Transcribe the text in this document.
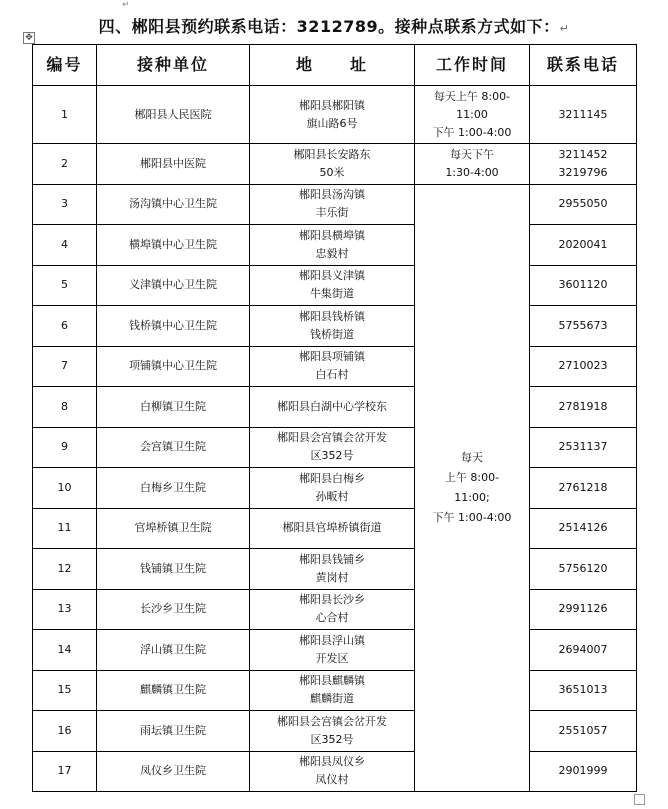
↵
四、郴阳县预约联系电话：3212789。接种点联系方式如下：↵
✥
编号	接种单位	地　　址	工作时间	联系电话
1	郴阳县人民医院	郴阳县郴阳镇
旗山路6号	每天上午 8:00-
11:00
下午 1:00-4:00	3211145

2	郴阳县中医院	郴阳县长安路东
50米	每天下午
1:30-4:00	3211452
3219796

3	汤沟镇中心卫生院	郴阳县汤沟镇
丰乐街	每天
上午 8:00-
11:00;
下午 1:00-4:00	2955050

4	横埠镇中心卫生院	郴阳县横埠镇
忠毅村		2020041

5	义津镇中心卫生院	郴阳县义津镇
牛集街道		3601120

6	钱桥镇中心卫生院	郴阳县钱桥镇
钱桥街道		5755673

7	项铺镇中心卫生院	郴阳县项铺镇
白石村		2710023

8	白柳镇卫生院	郴阳县白湖中心学校东		2781918

9	会宫镇卫生院	郴阳县会宫镇会岔开发
区352号		2531137

10	白梅乡卫生院	郴阳县白梅乡
孙畈村		2761218

11	官埠桥镇卫生院	郴阳县官埠桥镇街道		2514126

12	钱铺镇卫生院	郴阳县钱铺乡
黄岗村		5756120

13	长沙乡卫生院	郴阳县长沙乡
心合村		2991126

14	浮山镇卫生院	郴阳县浮山镇
开发区		2694007

15	麒麟镇卫生院	郴阳县麒麟镇
麒麟街道		3651013

16	雨坛镇卫生院	郴阳县会宫镇会岔开发
区352号		2551057

17	凤仪乡卫生院	郴阳县凤仪乡
凤仪村		2901999
